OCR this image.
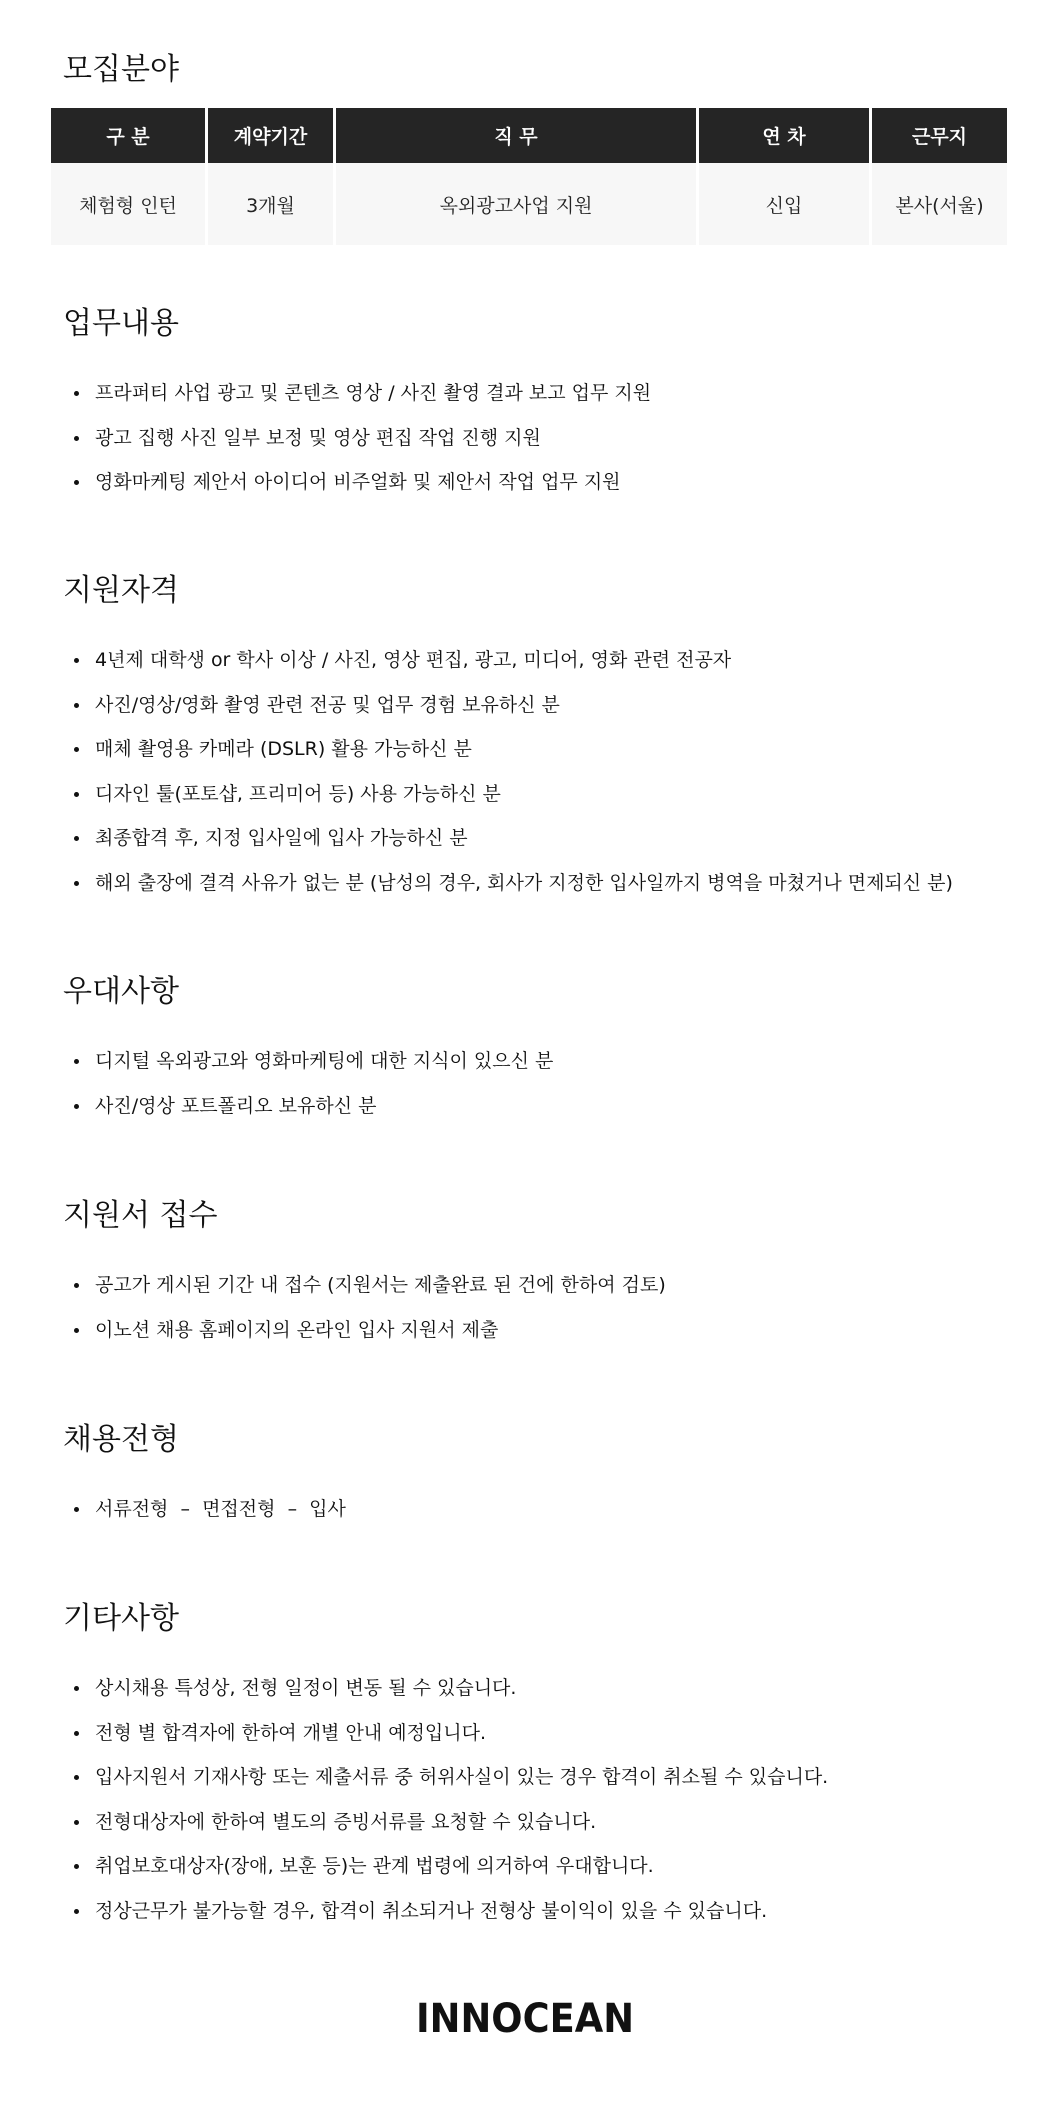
모집분야
구 분	계약기간	직 무	연 차	근무지
체험형 인턴	3개월	옥외광고사업 지원	신입	본사(서울)
업무내용
프라퍼티 사업 광고 및 콘텐츠 영상 / 사진 촬영 결과 보고 업무 지원
광고 집행 사진 일부 보정 및 영상 편집 작업 진행 지원
영화마케팅 제안서 아이디어 비주얼화 및 제안서 작업 업무 지원
지원자격
4년제 대학생 or 학사 이상 / 사진, 영상 편집, 광고, 미디어, 영화 관련 전공자
사진/영상/영화 촬영 관련 전공 및 업무 경험 보유하신 분
매체 촬영용 카메라 (DSLR) 활용 가능하신 분
디자인 툴(포토샵, 프리미어 등) 사용 가능하신 분
최종합격 후, 지정 입사일에 입사 가능하신 분
해외 출장에 결격 사유가 없는 분 (남성의 경우, 회사가 지정한 입사일까지 병역을 마쳤거나 면제되신 분)
우대사항
디지털 옥외광고와 영화마케팅에 대한 지식이 있으신 분
사진/영상 포트폴리오 보유하신 분
지원서 접수
공고가 게시된 기간 내 접수 (지원서는 제출완료 된 건에 한하여 검토)
이노션 채용 홈페이지의 온라인 입사 지원서 제출
채용전형
서류전형  –  면접전형  –  입사
기타사항
상시채용 특성상, 전형 일정이 변동 될 수 있습니다.
전형 별 합격자에 한하여 개별 안내 예정입니다.
입사지원서 기재사항 또는 제출서류 중 허위사실이 있는 경우 합격이 취소될 수 있습니다.
전형대상자에 한하여 별도의 증빙서류를 요청할 수 있습니다.
취업보호대상자(장애, 보훈 등)는 관계 법령에 의거하여 우대합니다.
정상근무가 불가능할 경우, 합격이 취소되거나 전형상 불이익이 있을 수 있습니다.
INNOCEAN
